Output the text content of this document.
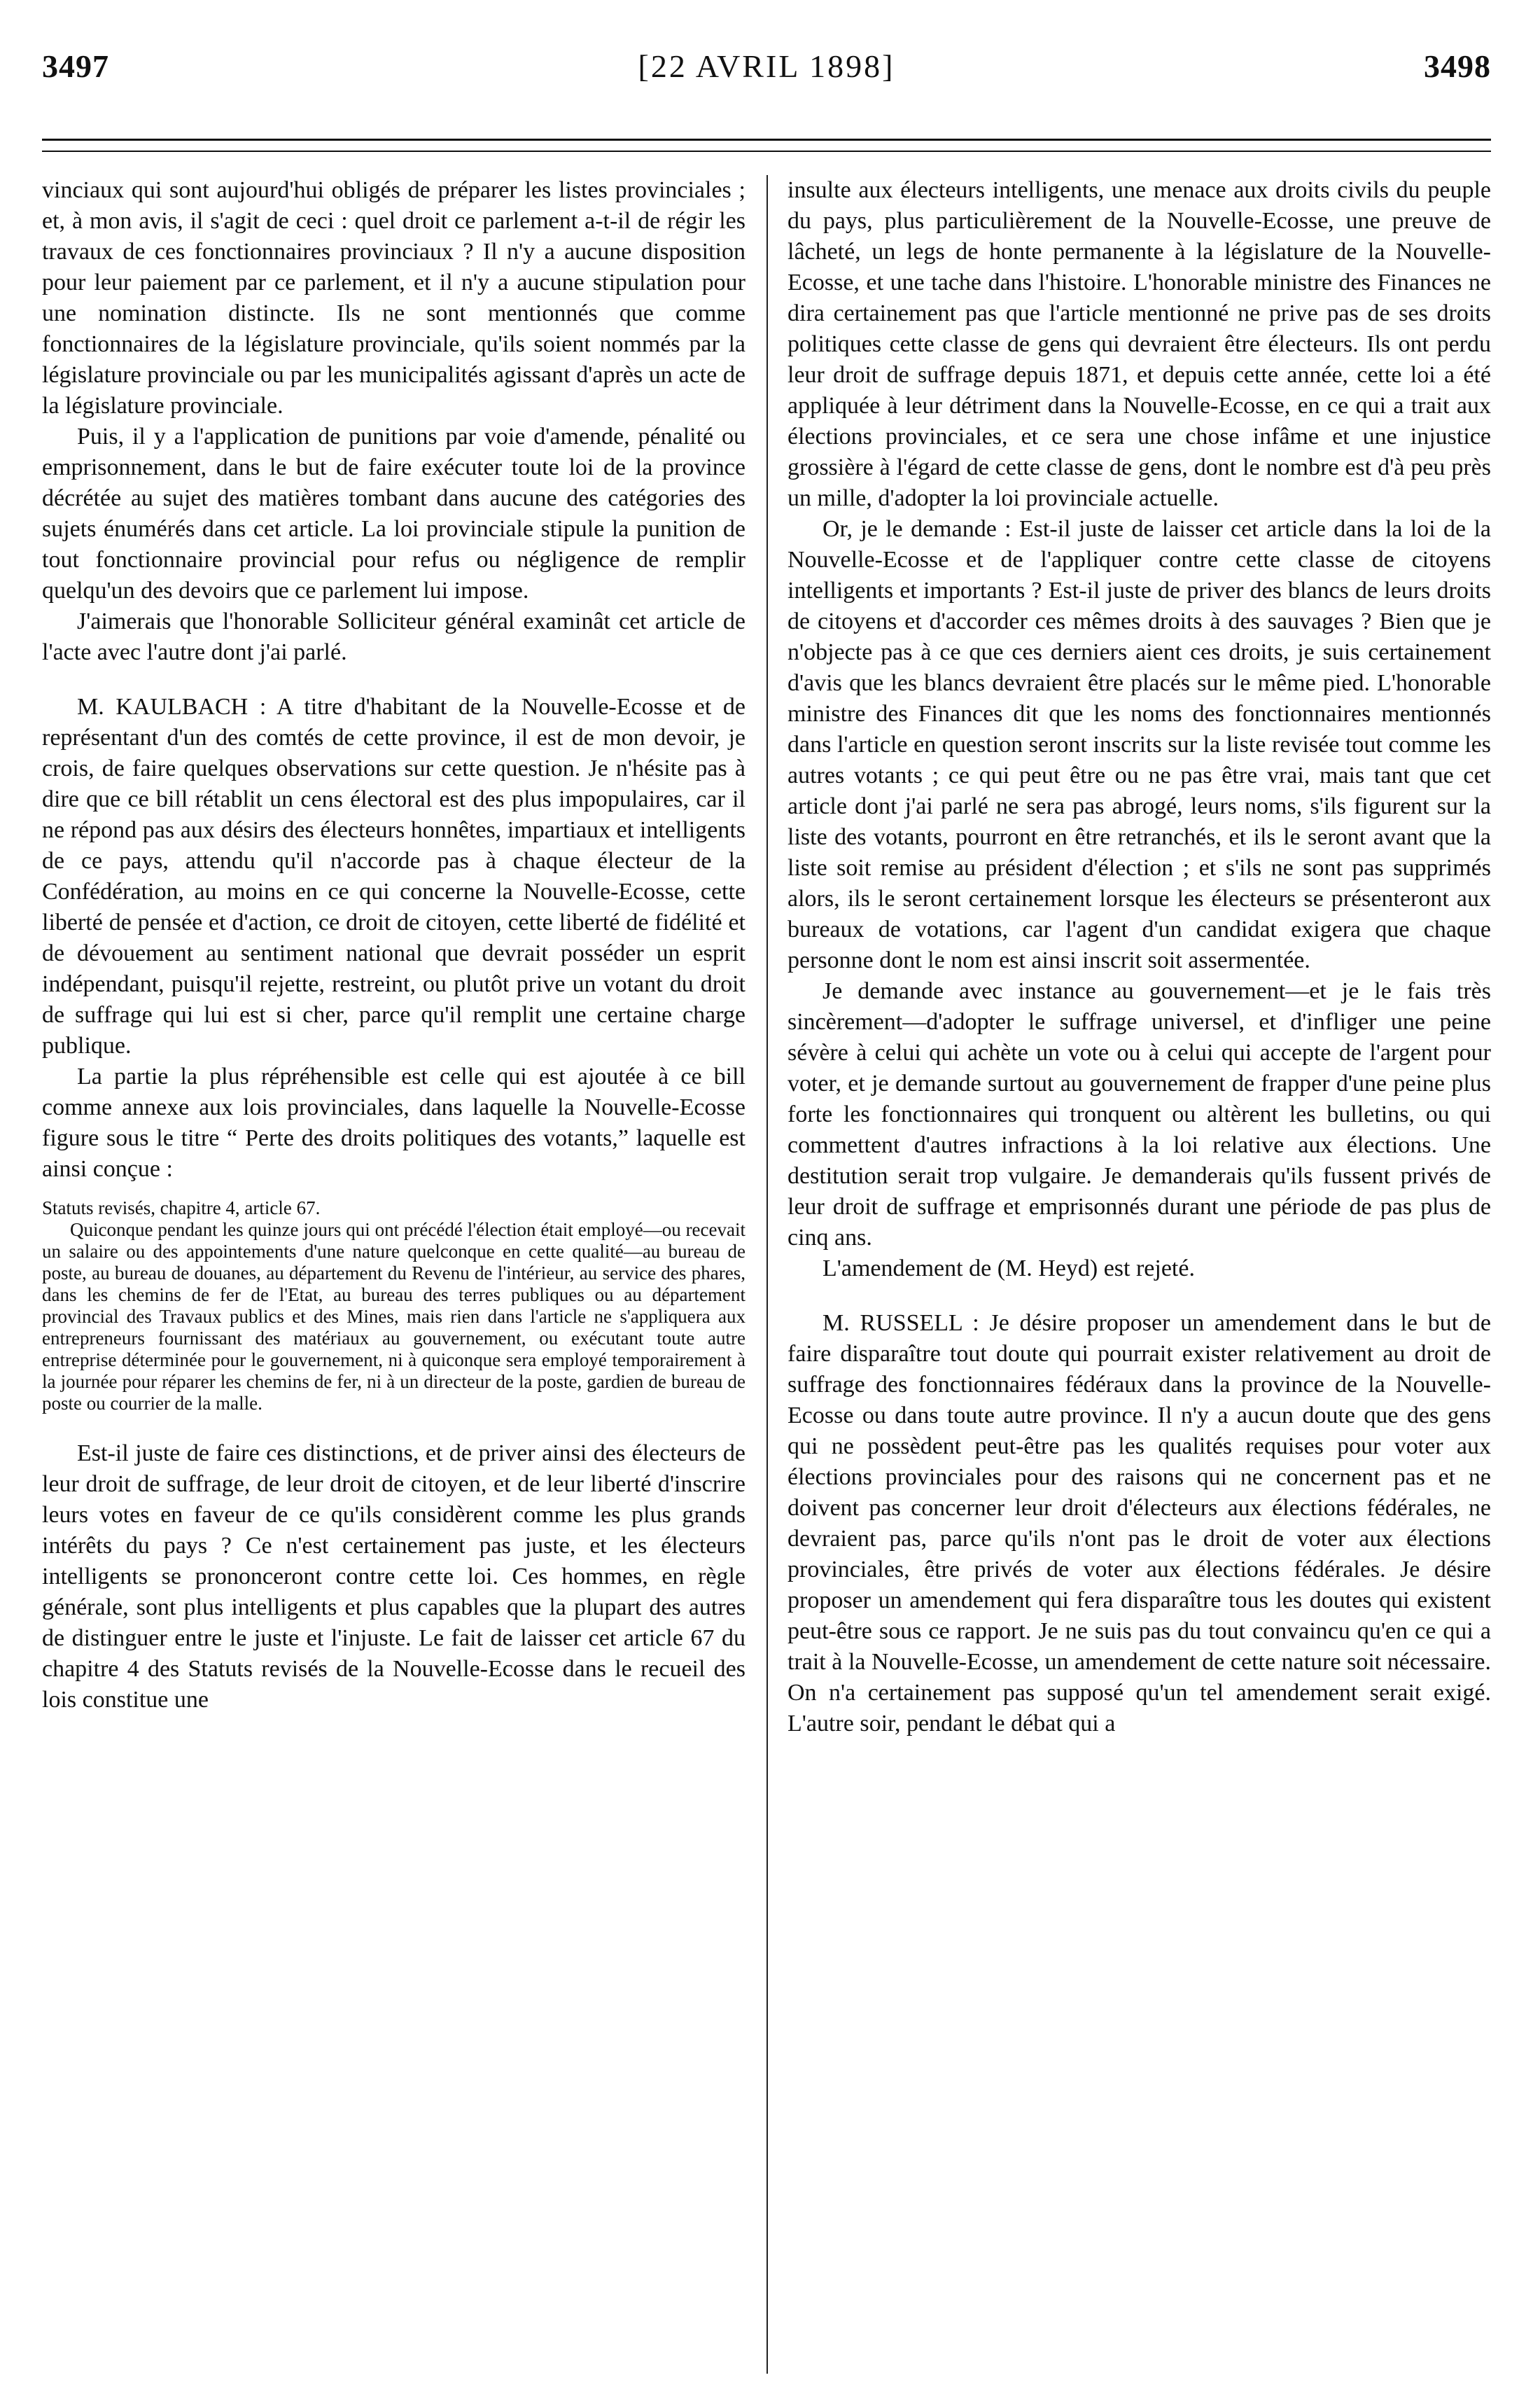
3497	[22 AVRIL 1898]	3498

vinciaux qui sont aujourd'hui obligés de préparer les listes provinciales ; et, à mon avis, il s'agit de ceci : quel droit ce parlement a-t-il de régir les travaux de ces fonctionnaires provinciaux ? Il n'y a aucune disposition pour leur paiement par ce parlement, et il n'y a aucune stipulation pour une nomination distincte. Ils ne sont mentionnés que comme fonctionnaires de la législature provinciale, qu'ils soient nommés par la législature provinciale ou par les municipalités agissant d'après un acte de la législature provinciale.

Puis, il y a l'application de punitions par voie d'amende, pénalité ou emprisonnement, dans le but de faire exécuter toute loi de la province décrétée au sujet des matières tombant dans aucune des catégories des sujets énumérés dans cet article. La loi provinciale stipule la punition de tout fonctionnaire provincial pour refus ou négligence de remplir quelqu'un des devoirs que ce parlement lui impose.

J'aimerais que l'honorable Solliciteur général examinât cet article de l'acte avec l'autre dont j'ai parlé.

M. KAULBACH : A titre d'habitant de la Nouvelle-Ecosse et de représentant d'un des comtés de cette province, il est de mon devoir, je crois, de faire quelques observations sur cette question. Je n'hésite pas à dire que ce bill rétablit un cens électoral est des plus impopulaires, car il ne répond pas aux désirs des électeurs honnêtes, impartiaux et intelligents de ce pays, attendu qu'il n'accorde pas à chaque électeur de la Confédération, au moins en ce qui concerne la Nouvelle-Ecosse, cette liberté de pensée et d'action, ce droit de citoyen, cette liberté de fidélité et de dévouement au sentiment national que devrait posséder un esprit indépendant, puisqu'il rejette, restreint, ou plutôt prive un votant du droit de suffrage qui lui est si cher, parce qu'il remplit une certaine charge publique.

La partie la plus répréhensible est celle qui est ajoutée à ce bill comme annexe aux lois provinciales, dans laquelle la Nouvelle-Ecosse figure sous le titre “ Perte des droits politiques des votants,” laquelle est ainsi conçue :

Statuts revisés, chapitre 4, article 67.

Quiconque pendant les quinze jours qui ont précédé l'élection était employé—ou recevait un salaire ou des appointements d'une nature quelconque en cette qualité—au bureau de poste, au bureau de douanes, au département du Revenu de l'intérieur, au service des phares, dans les chemins de fer de l'Etat, au bureau des terres publiques ou au département provincial des Travaux publics et des Mines, mais rien dans l'article ne s'appliquera aux entrepreneurs fournissant des matériaux au gouvernement, ou exécutant toute autre entreprise déterminée pour le gouvernement, ni à quiconque sera employé temporairement à la journée pour réparer les chemins de fer, ni à un directeur de la poste, gardien de bureau de poste ou courrier de la malle.

Est-il juste de faire ces distinctions, et de priver ainsi des électeurs de leur droit de suffrage, de leur droit de citoyen, et de leur liberté d'inscrire leurs votes en faveur de ce qu'ils considèrent comme les plus grands intérêts du pays ? Ce n'est certainement pas juste, et les électeurs intelligents se prononceront contre cette loi. Ces hommes, en règle générale, sont plus intelligents et plus capables que la plupart des autres de distinguer entre le juste et l'injuste. Le fait de laisser cet article 67 du chapitre 4 des Statuts revisés de la Nouvelle-Ecosse dans le recueil des lois constitue une

insulte aux électeurs intelligents, une menace aux droits civils du peuple du pays, plus particulièrement de la Nouvelle-Ecosse, une preuve de lâcheté, un legs de honte permanente à la législature de la Nouvelle-Ecosse, et une tache dans l'histoire. L'honorable ministre des Finances ne dira certainement pas que l'article mentionné ne prive pas de ses droits politiques cette classe de gens qui devraient être électeurs. Ils ont perdu leur droit de suffrage depuis 1871, et depuis cette année, cette loi a été appliquée à leur détriment dans la Nouvelle-Ecosse, en ce qui a trait aux élections provinciales, et ce sera une chose infâme et une injustice grossière à l'égard de cette classe de gens, dont le nombre est d'à peu près un mille, d'adopter la loi provinciale actuelle.

Or, je le demande : Est-il juste de laisser cet article dans la loi de la Nouvelle-Ecosse et de l'appliquer contre cette classe de citoyens intelligents et importants ? Est-il juste de priver des blancs de leurs droits de citoyens et d'accorder ces mêmes droits à des sauvages ? Bien que je n'objecte pas à ce que ces derniers aient ces droits, je suis certainement d'avis que les blancs devraient être placés sur le même pied. L'honorable ministre des Finances dit que les noms des fonctionnaires mentionnés dans l'article en question seront inscrits sur la liste revisée tout comme les autres votants ; ce qui peut être ou ne pas être vrai, mais tant que cet article dont j'ai parlé ne sera pas abrogé, leurs noms, s'ils figurent sur la liste des votants, pourront en être retranchés, et ils le seront avant que la liste soit remise au président d'élection ; et s'ils ne sont pas supprimés alors, ils le seront certainement lorsque les électeurs se présenteront aux bureaux de votations, car l'agent d'un candidat exigera que chaque personne dont le nom est ainsi inscrit soit assermentée.

Je demande avec instance au gouvernement—et je le fais très sincèrement—d'adopter le suffrage universel, et d'infliger une peine sévère à celui qui achète un vote ou à celui qui accepte de l'argent pour voter, et je demande surtout au gouvernement de frapper d'une peine plus forte les fonctionnaires qui tronquent ou altèrent les bulletins, ou qui commettent d'autres infractions à la loi relative aux élections. Une destitution serait trop vulgaire. Je demanderais qu'ils fussent privés de leur droit de suffrage et emprisonnés durant une période de pas plus de cinq ans.

L'amendement de (M. Heyd) est rejeté.

M. RUSSELL : Je désire proposer un amendement dans le but de faire disparaître tout doute qui pourrait exister relativement au droit de suffrage des fonctionnaires fédéraux dans la province de la Nouvelle-Ecosse ou dans toute autre province. Il n'y a aucun doute que des gens qui ne possèdent peut-être pas les qualités requises pour voter aux élections provinciales pour des raisons qui ne concernent pas et ne doivent pas concerner leur droit d'électeurs aux élections fédérales, ne devraient pas, parce qu'ils n'ont pas le droit de voter aux élections provinciales, être privés de voter aux élections fédérales. Je désire proposer un amendement qui fera disparaître tous les doutes qui existent peut-être sous ce rapport. Je ne suis pas du tout convaincu qu'en ce qui a trait à la Nouvelle-Ecosse, un amendement de cette nature soit nécessaire. On n'a certainement pas supposé qu'un tel amendement serait exigé. L'autre soir, pendant le débat qui a
